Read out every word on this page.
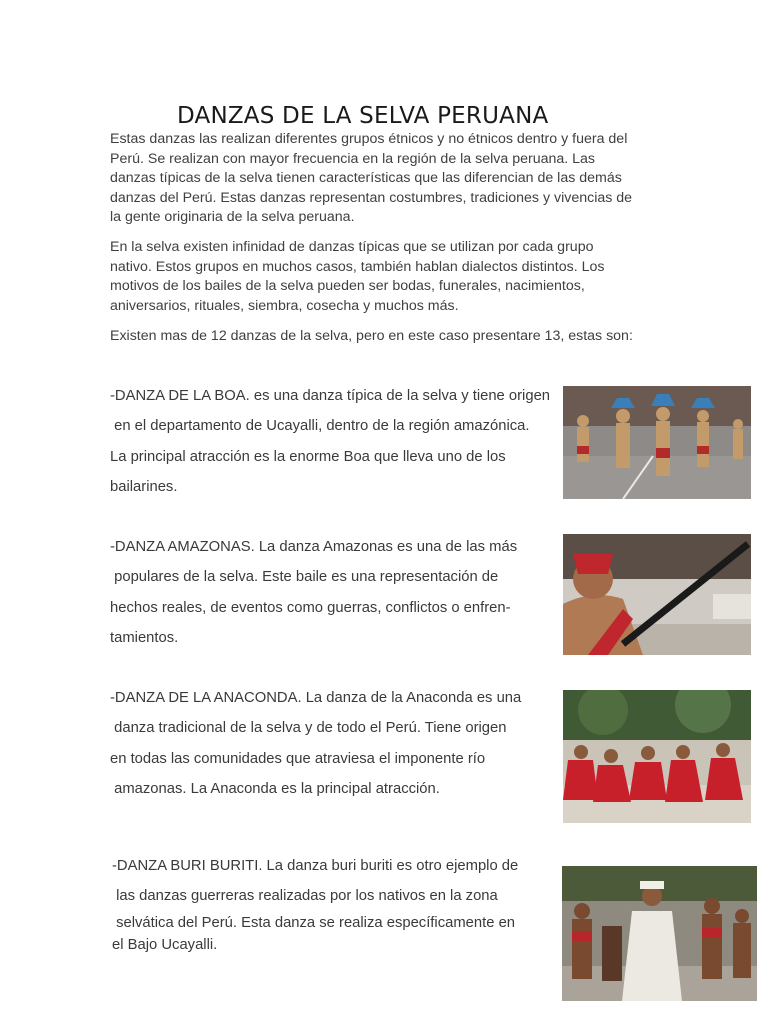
DANZAS DE LA SELVA PERUANA

Estas danzas las realizan diferentes grupos étnicos y no étnicos dentro y fuera del

Perú. Se realizan con mayor frecuencia en la región de la selva peruana. Las

danzas típicas de la selva tienen características que las diferencian de las demás

danzas del Perú. Estas danzas representan costumbres, tradiciones y vivencias de

la gente originaria de la selva peruana.

En la selva existen infinidad de danzas típicas que se utilizan por cada grupo

nativo. Estos grupos en muchos casos, también hablan dialectos distintos. Los

motivos de los bailes de la selva pueden ser bodas, funerales, nacimientos,

aniversarios, rituales, siembra, cosecha y muchos más.

Existen mas de 12 danzas de la selva, pero en este caso presentare 13, estas son:

-DANZA DE LA BOA. es una danza típica de la selva y tiene origen
en el departamento de Ucayalli, dentro de la región amazónica.
La principal atracción es la enorme Boa que lleva uno de los
bailarines.
-DANZA AMAZONAS. La danza Amazonas es una de las más
populares de la selva. Este baile es una representación de
hechos reales, de eventos como guerras, conflictos o enfren-
tamientos.
-DANZA DE LA ANACONDA. La danza de la Anaconda es una
danza tradicional de la selva y de todo el Perú. Tiene origen
en todas las comunidades que atraviesa el imponente río
amazonas. La Anaconda es la principal atracción.
-DANZA BURI BURITI. La danza buri buriti es otro ejemplo de
las danzas guerreras realizadas por los nativos en la zona
selvática del Perú. Esta danza se realiza específicamente en
el Bajo Ucayalli.
